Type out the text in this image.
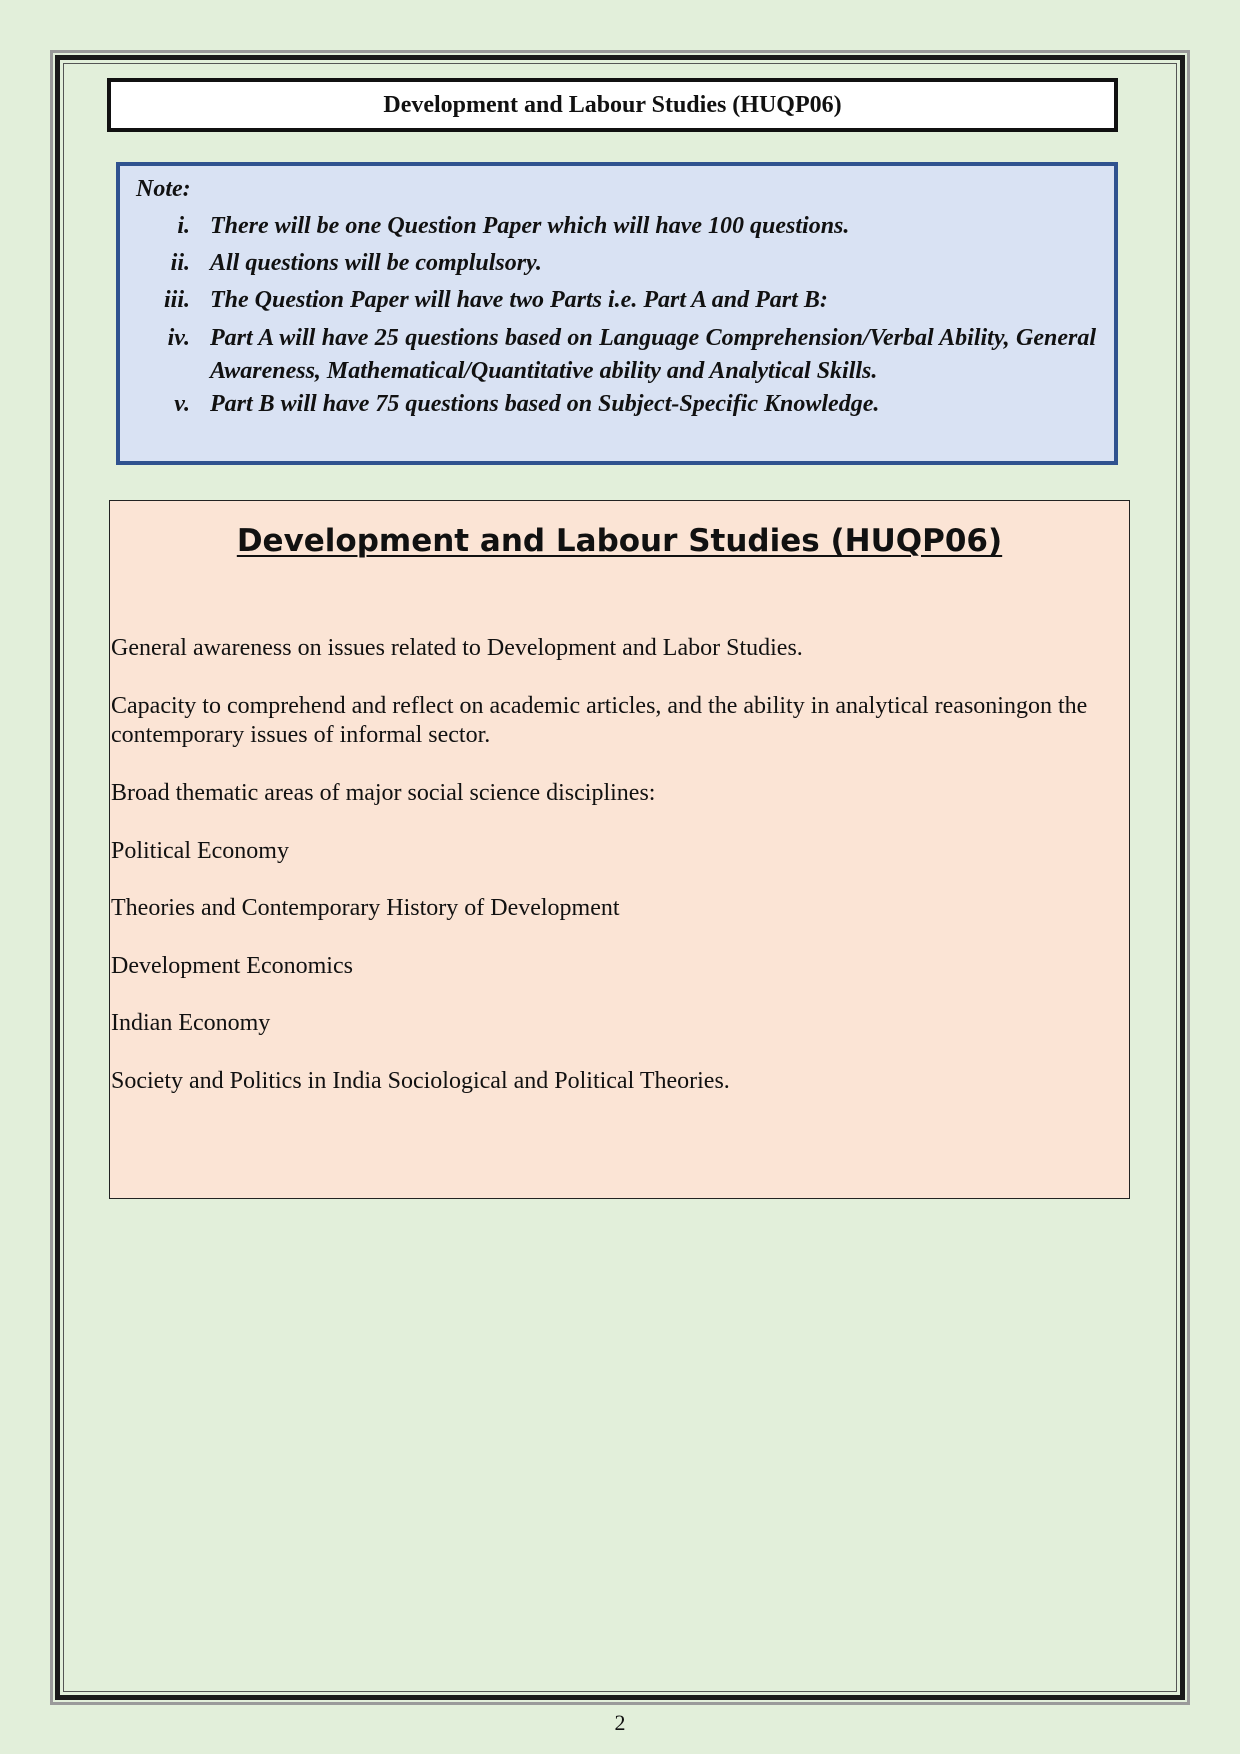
Development and Labour Studies (HUQP06)
Note:
i. There will be one Question Paper which will have 100 questions.
ii. All questions will be complulsory.
iii. The Question Paper will have two Parts i.e. Part A and Part B:
iv. Part A will have 25 questions based on Language Comprehension/Verbal Ability, General Awareness, Mathematical/Quantitative ability and Analytical Skills.
v. Part B will have 75 questions based on Subject-Specific Knowledge.
Development and Labour Studies (HUQP06)
General awareness on issues related to Development and Labor Studies.
Capacity to comprehend and reflect on academic articles, and the ability in analytical reasoningon the contemporary issues of informal sector.
Broad thematic areas of major social science disciplines:
Political Economy
Theories and Contemporary History of Development
Development Economics
Indian Economy
Society and Politics in India Sociological and Political Theories.
2
